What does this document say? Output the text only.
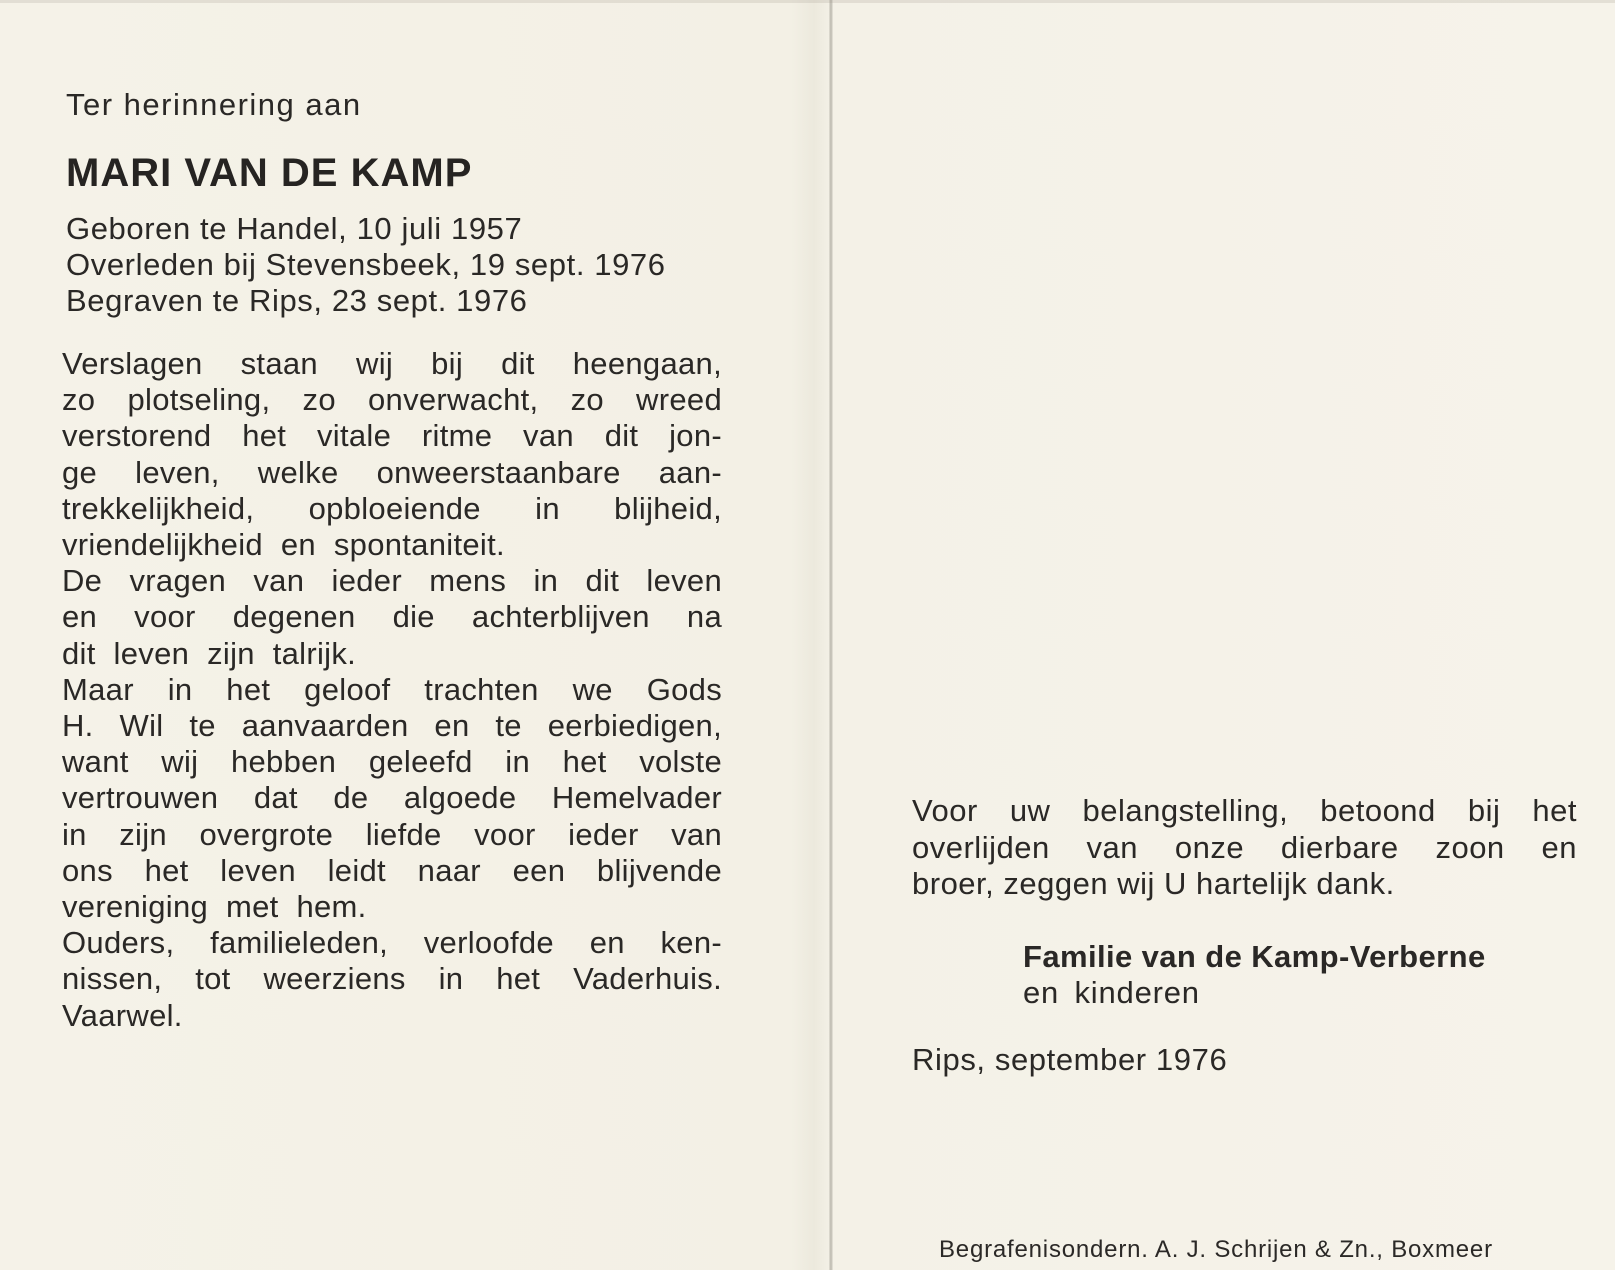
Ter herinnering aan

MARI VAN DE KAMP
Geboren te Handel, 10 juli 1957
Overleden bij Stevensbeek, 19 sept. 1976
Begraven te Rips, 23 sept. 1976
Verslagen staan wij bij dit heengaan,
zo plotseling, zo onverwacht, zo wreed
verstorend het vitale ritme van dit jon-
ge leven, welke onweerstaanbare aan-
trekkelijkheid, opbloeiende in blijheid,
vriendelijkheid en spontaniteit.
De vragen van ieder mens in dit leven
en voor degenen die achterblijven na
dit leven zijn talrijk.
Maar in het geloof trachten we Gods
H. Wil te aanvaarden en te eerbiedigen,
want wij hebben geleefd in het volste
vertrouwen dat de algoede Hemelvader
in zijn overgrote liefde voor ieder van
ons het leven leidt naar een blijvende
vereniging met hem.
Ouders, familieleden, verloofde en ken-
nissen, tot weerziens in het Vaderhuis.
Vaarwel.
Voor uw belangstelling, betoond bij het
overlijden van onze dierbare zoon en
broer, zeggen wij U hartelijk dank.
Familie van de Kamp-Verberne
en kinderen
Rips, september 1976
Begrafenisondern. A. J. Schrijen & Zn., Boxmeer
